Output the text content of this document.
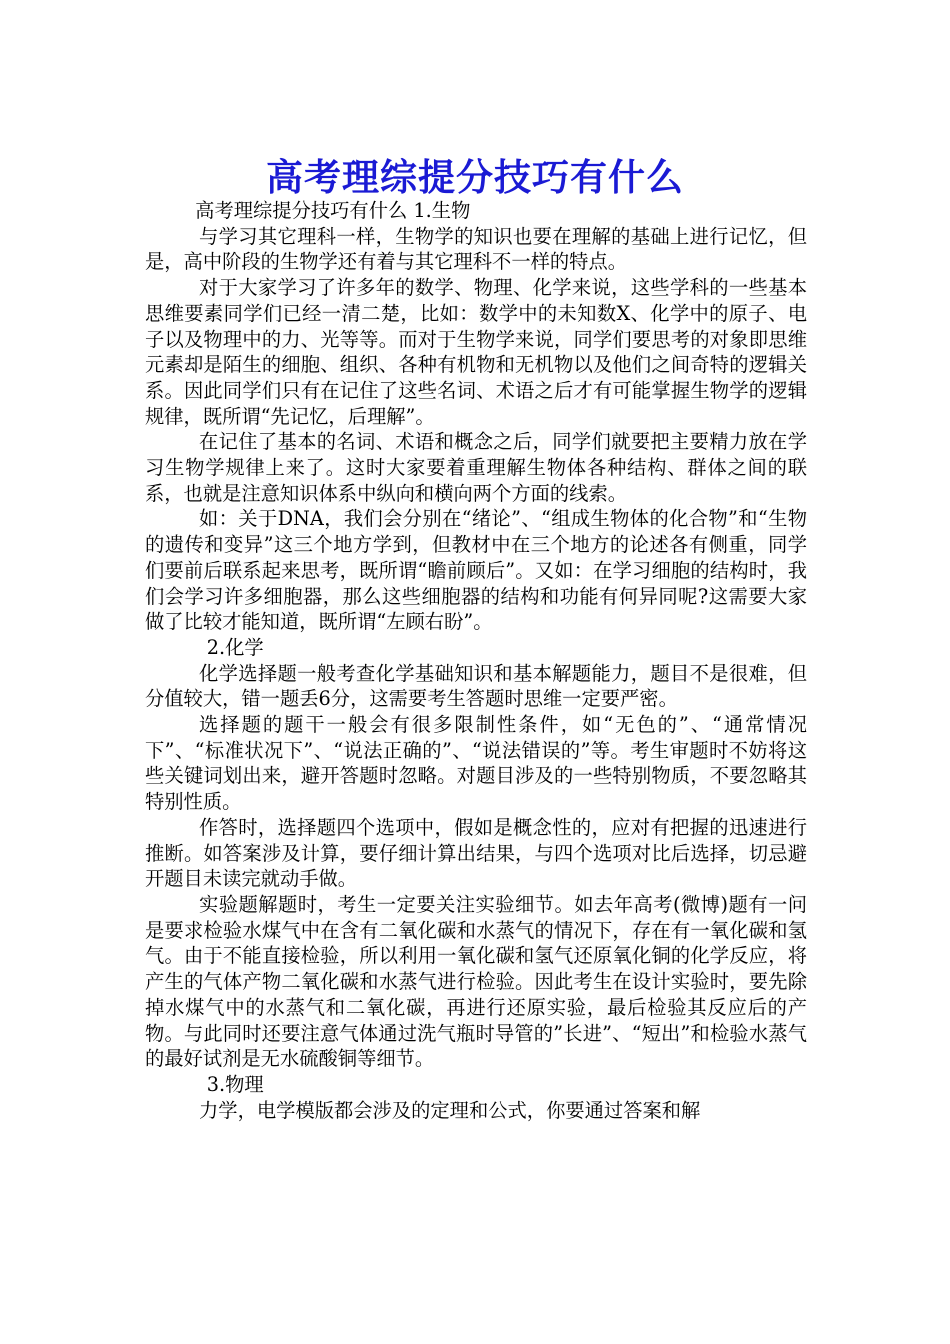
高考理综提分技巧有什么

高考理综提分技巧有什么 1.生物

与学习其它理科一样，生物学的知识也要在理解的基础上进行记忆，但是，高中阶段的生物学还有着与其它理科不一样的特点。

对于大家学习了许多年的数学、物理、化学来说，这些学科的一些基本思维要素同学们已经一清二楚，比如：数学中的未知数X、化学中的原子、电子以及物理中的力、光等等。而对于生物学来说，同学们要思考的对象即思维元素却是陌生的细胞、组织、各种有机物和无机物以及他们之间奇特的逻辑关系。因此同学们只有在记住了这些名词、术语之后才有可能掌握生物学的逻辑规律，既所谓“先记忆，后理解”。

在记住了基本的名词、术语和概念之后，同学们就要把主要精力放在学习生物学规律上来了。这时大家要着重理解生物体各种结构、群体之间的联系，也就是注意知识体系中纵向和横向两个方面的线索。

如：关于DNA，我们会分别在“绪论”、“组成生物体的化合物”和“生物的遗传和变异”这三个地方学到，但教材中在三个地方的论述各有侧重，同学们要前后联系起来思考，既所谓“瞻前顾后”。又如：在学习细胞的结构时，我们会学习许多细胞器，那么这些细胞器的结构和功能有何异同呢?这需要大家做了比较才能知道，既所谓“左顾右盼”。

2.化学

化学选择题一般考查化学基础知识和基本解题能力，题目不是很难，但分值较大，错一题丢6分，这需要考生答题时思维一定要严密。

选择题的题干一般会有很多限制性条件，如“无色的”、“通常情况下”、“标准状况下”、“说法正确的”、“说法错误的”等。考生审题时不妨将这些关键词划出来，避开答题时忽略。对题目涉及的一些特别物质，不要忽略其特别性质。

作答时，选择题四个选项中，假如是概念性的，应对有把握的迅速进行推断。如答案涉及计算，要仔细计算出结果，与四个选项对比后选择，切忌避开题目未读完就动手做。

实验题解题时，考生一定要关注实验细节。如去年高考(微博)题有一问是要求检验水煤气中在含有二氧化碳和水蒸气的情况下，存在有一氧化碳和氢气。由于不能直接检验，所以利用一氧化碳和氢气还原氧化铜的化学反应，将产生的气体产物二氧化碳和水蒸气进行检验。因此考生在设计实验时，要先除掉水煤气中的水蒸气和二氧化碳，再进行还原实验，最后检验其反应后的产物。与此同时还要注意气体通过洗气瓶时导管的”长进”、“短出”和检验水蒸气的最好试剂是无水硫酸铜等细节。

3.物理

力学，电学模版都会涉及的定理和公式，你要通过答案和解
